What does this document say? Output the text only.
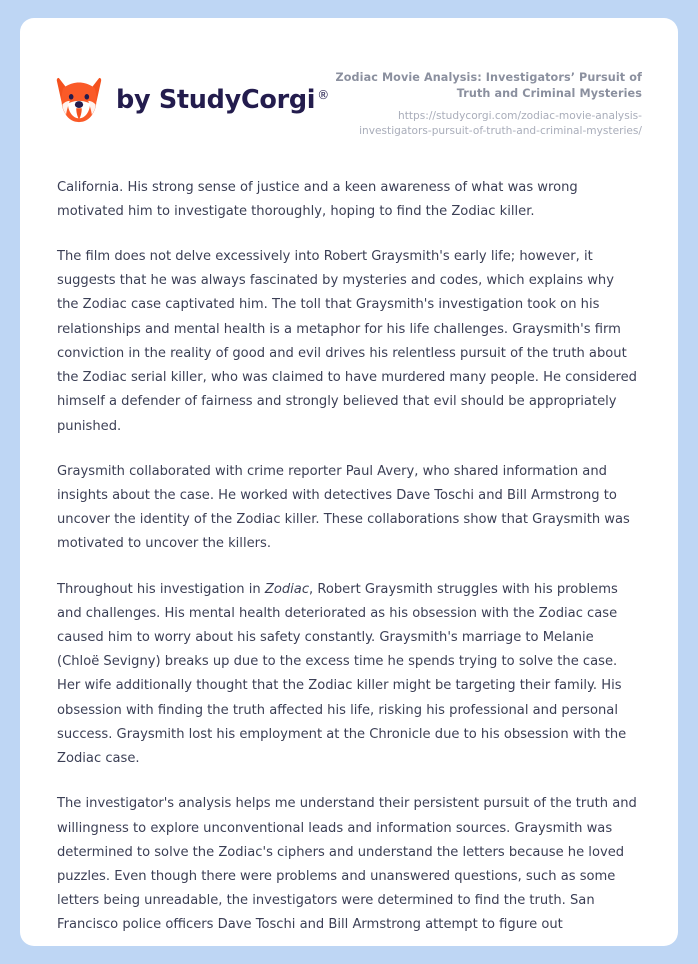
by StudyCorgi ®
Zodiac Movie Analysis: Investigators’ Pursuit of Truth and Criminal Mysteries
https://studycorgi.com/zodiac-movie-analysis-investigators-pursuit-of-truth-and-criminal-mysteries/

California. His strong sense of justice and a keen awareness of what was wrong motivated him to investigate thoroughly, hoping to find the Zodiac killer.

The film does not delve excessively into Robert Graysmith's early life; however, it suggests that he was always fascinated by mysteries and codes, which explains why the Zodiac case captivated him. The toll that Graysmith's investigation took on his relationships and mental health is a metaphor for his life challenges. Graysmith's firm conviction in the reality of good and evil drives his relentless pursuit of the truth about the Zodiac serial killer, who was claimed to have murdered many people. He considered himself a defender of fairness and strongly believed that evil should be appropriately punished.

Graysmith collaborated with crime reporter Paul Avery, who shared information and insights about the case. He worked with detectives Dave Toschi and Bill Armstrong to uncover the identity of the Zodiac killer. These collaborations show that Graysmith was motivated to uncover the killers.

Throughout his investigation in Zodiac, Robert Graysmith struggles with his problems and challenges. His mental health deteriorated as his obsession with the Zodiac case caused him to worry about his safety constantly. Graysmith's marriage to Melanie (Chloë Sevigny) breaks up due to the excess time he spends trying to solve the case. Her wife additionally thought that the Zodiac killer might be targeting their family. His obsession with finding the truth affected his life, risking his professional and personal success. Graysmith lost his employment at the Chronicle due to his obsession with the Zodiac case.

The investigator's analysis helps me understand their persistent pursuit of the truth and willingness to explore unconventional leads and information sources. Graysmith was determined to solve the Zodiac's ciphers and understand the letters because he loved puzzles. Even though there were problems and unanswered questions, such as some letters being unreadable, the investigators were determined to find the truth. San Francisco police officers Dave Toschi and Bill Armstrong attempt to figure out
